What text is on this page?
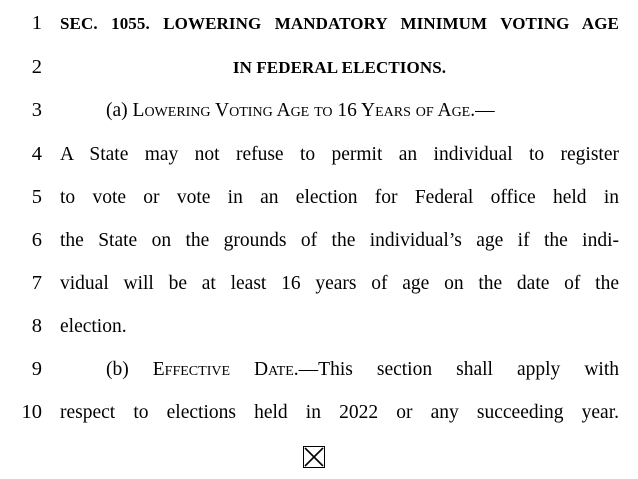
1 SEC. 1055. LOWERING MANDATORY MINIMUM VOTING AGE
2	IN FEDERAL ELECTIONS.
3	(a) Lowering Voting Age to 16 Years of Age.—
4 A State may not refuse to permit an individual to register
5 to vote or vote in an election for Federal office held in
6 the State on the grounds of the individual’s age if the indi-
7 vidual will be at least 16 years of age on the date of the
8 election.
9	(b) Effective Date.—This section shall apply with
10 respect to elections held in 2022 or any succeeding year.
